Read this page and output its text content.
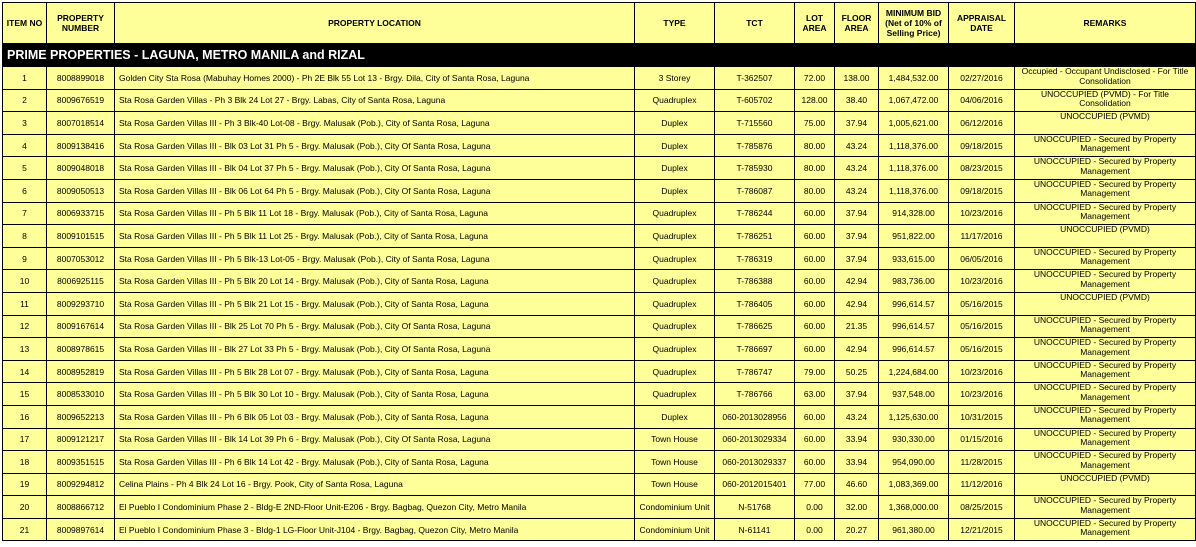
ITEM NO	PROPERTY NUMBER	PROPERTY LOCATION	TYPE	TCT	LOT AREA	FLOOR AREA	MINIMUM BID (Net of 10% of Selling Price)	APPRAISAL DATE	REMARKS
PRIME PROPERTIES - LAGUNA, METRO MANILA and RIZAL									
1	8008899018	Golden City Sta Rosa (Mabuhay Homes 2000) - Ph 2E Blk 55 Lot 13 - Brgy. Dila, City of Santa Rosa, Laguna	3 Storey	T-362507	72.00	138.00	1,484,532.00	02/27/2016	Occupied - Occupant Undisclosed - For Title Consolidation
2	8009676519	Sta Rosa Garden Villas - Ph 3 Blk 24 Lot 27 - Brgy. Labas, City of Santa Rosa, Laguna	Quadruplex	T-605702	128.00	38.40	1,067,472.00	04/06/2016	UNOCCUPIED (PVMD) - For Title Consolidation
3	8007018514	Sta Rosa Garden Villas III - Ph 3 Blk-40 Lot-08 - Brgy. Malusak (Pob.), City of Santa Rosa, Laguna	Duplex	T-715560	75.00	37.94	1,005,621.00	06/12/2016	UNOCCUPIED (PVMD)
4	8009138416	Sta Rosa Garden Villas III - Blk 03 Lot 31 Ph 5 - Brgy. Malusak (Pob.), City Of Santa Rosa, Laguna	Duplex	T-785876	80.00	43.24	1,118,376.00	09/18/2015	UNOCCUPIED - Secured by Property Management
5	8009048018	Sta Rosa Garden Villas III - Blk 04 Lot 37 Ph 5 - Brgy. Malusak (Pob.), City Of Santa Rosa, Laguna	Duplex	T-785930	80.00	43.24	1,118,376.00	08/23/2015	UNOCCUPIED - Secured by Property Management
6	8009050513	Sta Rosa Garden Villas III - Blk 06 Lot 64 Ph 5 - Brgy. Malusak (Pob.), City Of Santa Rosa, Laguna	Duplex	T-786087	80.00	43.24	1,118,376.00	09/18/2015	UNOCCUPIED - Secured by Property Management
7	8006933715	Sta Rosa Garden Villas III - Ph 5 Blk 11 Lot 18 - Brgy. Malusak (Pob.), City of Santa Rosa, Laguna	Quadruplex	T-786244	60.00	37.94	914,328.00	10/23/2016	UNOCCUPIED - Secured by Property Management
8	8009101515	Sta Rosa Garden Villas III - Ph 5 Blk 11 Lot 25 - Brgy. Malusak (Pob.), City of Santa Rosa, Laguna	Quadruplex	T-786251	60.00	37.94	951,822.00	11/17/2016	UNOCCUPIED (PVMD)
9	8007053012	Sta Rosa Garden Villas III - Ph 5 Blk-13 Lot-05 - Brgy. Malusak (Pob.), City of Santa Rosa, Laguna	Quadruplex	T-786319	60.00	37.94	933,615.00	06/05/2016	UNOCCUPIED - Secured by Property Management
10	8006925115	Sta Rosa Garden Villas III - Ph 5 Blk 20 Lot 14 - Brgy. Malusak (Pob.), City of Santa Rosa, Laguna	Quadruplex	T-786388	60.00	42.94	983,736.00	10/23/2016	UNOCCUPIED - Secured by Property Management
11	8009293710	Sta Rosa Garden Villas III - Ph 5 Blk 21 Lot 15 - Brgy. Malusak (Pob.), City of Santa Rosa, Laguna	Quadruplex	T-786405	60.00	42.94	996,614.57	05/16/2015	UNOCCUPIED (PVMD)
12	8009167614	Sta Rosa Garden Villas III - Blk 25 Lot 70 Ph 5 - Brgy. Malusak (Pob.), City Of Santa Rosa, Laguna	Quadruplex	T-786625	60.00	21.35	996,614.57	05/16/2015	UNOCCUPIED - Secured by Property Management
13	8008978615	Sta Rosa Garden Villas III - Blk 27 Lot 33 Ph 5 - Brgy. Malusak (Pob.), City Of Santa Rosa, Laguna	Quadruplex	T-786697	60.00	42.94	996,614.57	05/16/2015	UNOCCUPIED - Secured by Property Management
14	8008952819	Sta Rosa Garden Villas III - Ph 5 Blk 28 Lot 07 - Brgy. Malusak (Pob.), City of Santa Rosa, Laguna	Quadruplex	T-786747	79.00	50.25	1,224,684.00	10/23/2016	UNOCCUPIED - Secured by Property Management
15	8008533010	Sta Rosa Garden Villas III - Ph 5 Blk 30 Lot 10 - Brgy. Malusak (Pob.), City of Santa Rosa, Laguna	Quadruplex	T-786766	63.00	37.94	937,548.00	10/23/2016	UNOCCUPIED - Secured by Property Management
16	8009652213	Sta Rosa Garden Villas III - Ph 6 Blk 05 Lot 03 - Brgy. Malusak (Pob.), City of Santa Rosa, Laguna	Duplex	060-2013028956	60.00	43.24	1,125,630.00	10/31/2015	UNOCCUPIED - Secured by Property Management
17	8009121217	Sta Rosa Garden Villas III - Blk 14 Lot 39 Ph 6 - Brgy. Malusak (Pob.), City Of Santa Rosa, Laguna	Town House	060-2013029334	60.00	33.94	930,330.00	01/15/2016	UNOCCUPIED - Secured by Property Management
18	8009351515	Sta Rosa Garden Villas III - Ph 6 Blk 14 Lot 42 - Brgy. Malusak (Pob.), City of Santa Rosa, Laguna	Town House	060-2013029337	60.00	33.94	954,090.00	11/28/2015	UNOCCUPIED - Secured by Property Management
19	8009294812	Celina Plains - Ph 4 Blk 24 Lot 16 - Brgy. Pook, City of Santa Rosa, Laguna	Town House	060-2012015401	77.00	46.60	1,083,369.00	11/12/2016	UNOCCUPIED (PVMD)
20	8008866712	El Pueblo I Condominium Phase 2 - Bldg-E 2ND-Floor Unit-E206 - Brgy. Bagbag, Quezon City, Metro Manila	Condominium Unit	N-51768	0.00	32.00	1,368,000.00	08/25/2015	UNOCCUPIED - Secured by Property Management
21	8009897614	El Pueblo I Condominium Phase 3 - Bldg-1 LG-Floor Unit-J104 - Brgy. Bagbag, Quezon City, Metro Manila	Condominium Unit	N-61141	0.00	20.27	961,380.00	12/21/2015	UNOCCUPIED - Secured by Property Management
